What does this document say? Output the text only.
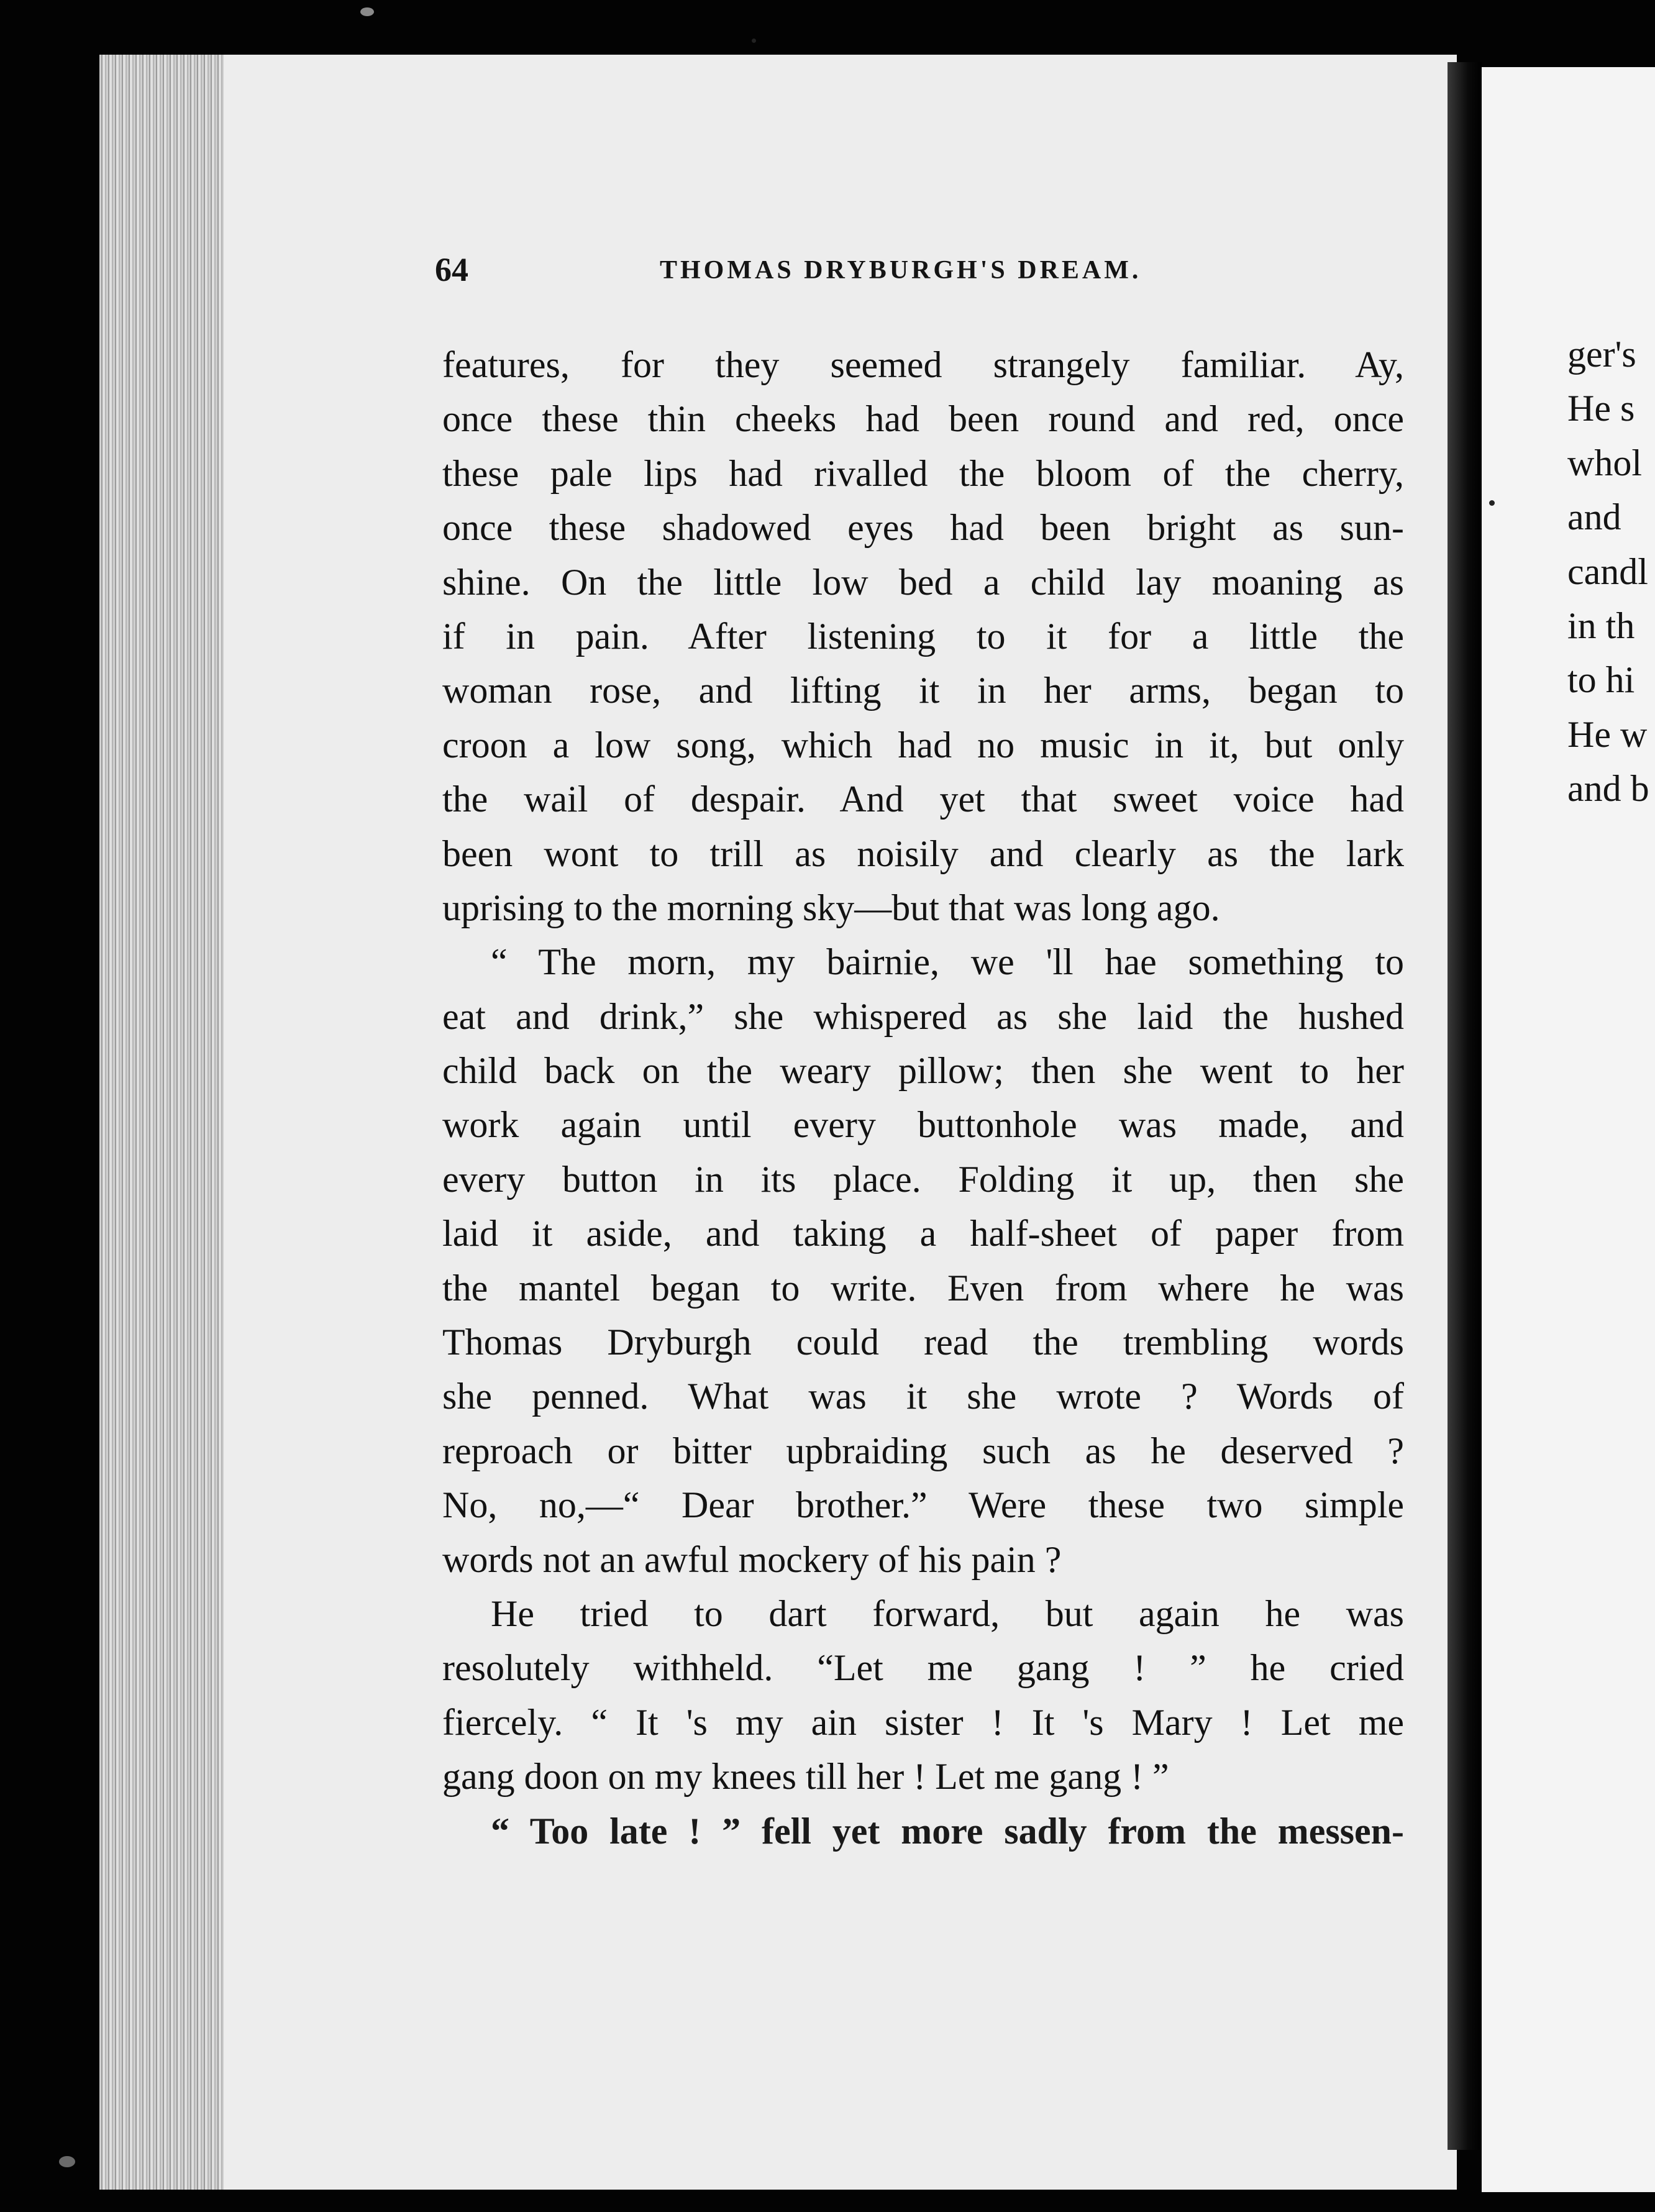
64	THOMAS DRYBURGH'S DREAM.
features, for they seemed strangely familiar. Ay,
once these thin cheeks had been round and red, once
these pale lips had rivalled the bloom of the cherry,
once these shadowed eyes had been bright as sun-
shine. On the little low bed a child lay moaning as
if in pain. After listening to it for a little the
woman rose, and lifting it in her arms, began to
croon a low song, which had no music in it, but only
the wail of despair. And yet that sweet voice had
been wont to trill as noisily and clearly as the lark
uprising to the morning sky—but that was long ago.
“ The morn, my bairnie, we 'll hae something to
eat and drink,” she whispered as she laid the hushed
child back on the weary pillow; then she went to her
work again until every buttonhole was made, and
every button in its place. Folding it up, then she
laid it aside, and taking a half-sheet of paper from
the mantel began to write. Even from where he was
Thomas Dryburgh could read the trembling words
she penned. What was it she wrote ? Words of
reproach or bitter upbraiding such as he deserved ?
No, no,—“ Dear brother.” Were these two simple
words not an awful mockery of his pain ?
He tried to dart forward, but again he was
resolutely withheld. “Let me gang ! ” he cried
fiercely. “ It 's my ain sister ! It 's Mary ! Let me
gang doon on my knees till her ! Let me gang ! ”
“ Too late ! ” fell yet more sadly from the messen-
ger's
He s
whol
and
candl
in th
to hi
He w
and b
